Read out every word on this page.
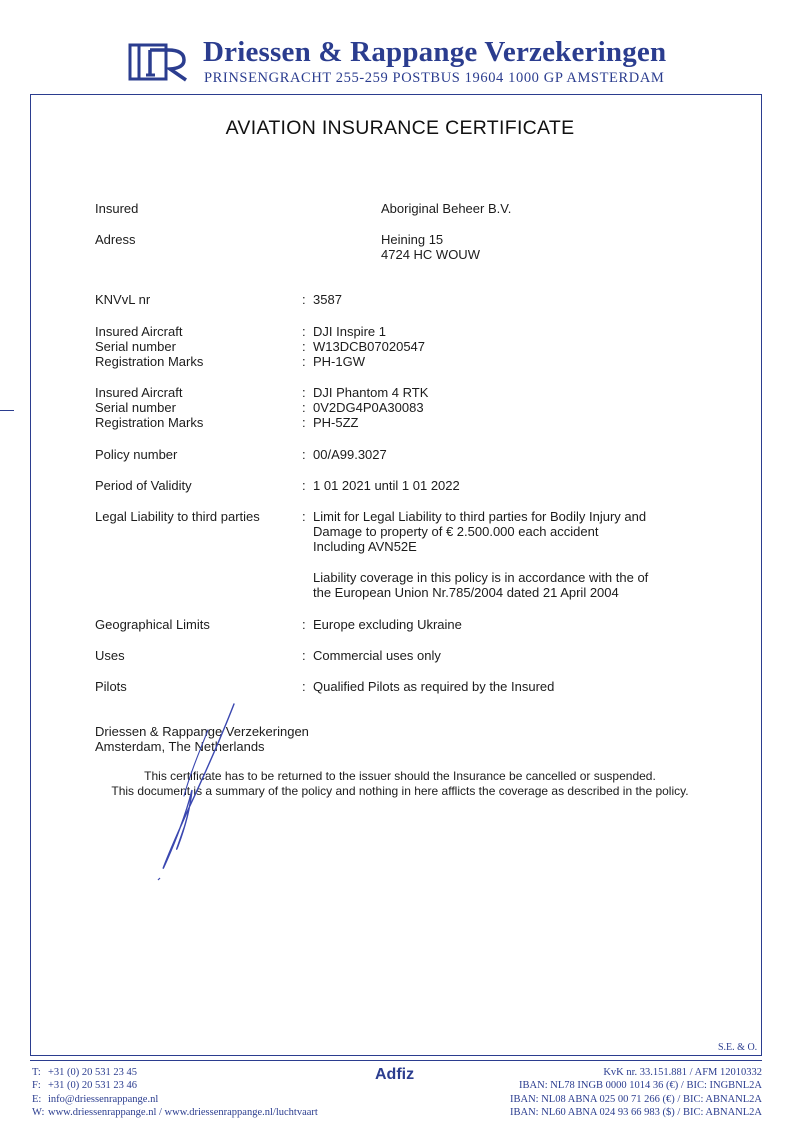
Driessen & Rappange Verzekeringen
PRINSENGRACHT 255-259 POSTBUS 19604 1000 GP AMSTERDAM
AVIATION INSURANCE CERTIFICATE
Insured	Aboriginal Beheer B.V.
Adress	Heining 15
4724 HC WOUW
KNVvL nr	: 3587
Insured Aircraft	: DJI Inspire 1
Serial number	: W13DCB07020547
Registration Marks	: PH-1GW
Insured Aircraft	: DJI Phantom 4 RTK
Serial number	: 0V2DG4P0A30083
Registration Marks	: PH-5ZZ
Policy number	: 00/A99.3027
Period of Validity	: 1 01 2021 until 1 01 2022
Legal Liability to third parties	: Limit for Legal Liability to third parties for Bodily Injury and
Damage to property of € 2.500.000 each accident
Including AVN52E
Liability coverage in this policy is in accordance with the of
the European Union Nr.785/2004 dated 21 April 2004
Geographical Limits	: Europe excluding Ukraine
Uses	: Commercial uses only
Pilots	: Qualified Pilots as required by the Insured
Driessen & Rappange Verzekeringen
Amsterdam, The Netherlands
This certificate has to be returned to the issuer should the Insurance be cancelled or suspended.
This document is a summary of the policy and nothing in here afflicts the coverage as described in the policy.
S.E. & O.
T: +31 (0) 20 531 23 45
F: +31 (0) 20 531 23 46
E: info@driessenrappange.nl
W: www.driessenrappange.nl / www.driessenrappange.nl/luchtvaart
Adfiz	KvK nr. 33.151.881 / AFM 12010332
IBAN: NL78 INGB 0000 1014 36 (€) / BIC: INGBNL2A
IBAN: NL08 ABNA 025 00 71 266 (€) / BIC: ABNANL2A
IBAN: NL60 ABNA 024 93 66 983 ($) / BIC: ABNANL2A
